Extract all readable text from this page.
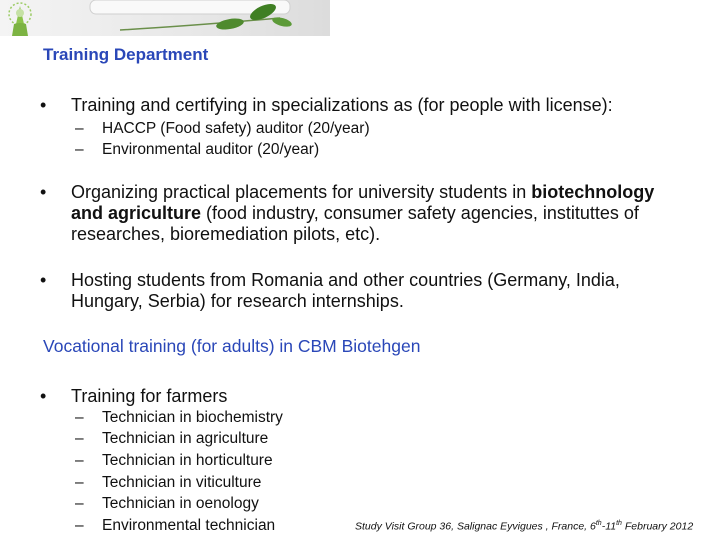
Training Department
• Training and certifying in specializations as (for people with license):
– HACCP (Food safety) auditor (20/year)
– Environmental auditor (20/year)
• Organizing practical placements for university students in biotechnology and agriculture (food industry, consumer safety agencies, instituttes of researches, bioremediation pilots, etc).
• Hosting students from Romania and other countries (Germany, India, Hungary, Serbia) for research internships.
Vocational training (for adults) in CBM Biotehgen
• Training for farmers
– Technician in biochemistry
– Technician in agriculture
– Technician in horticulture
– Technician in viticulture
– Technician in oenology
– Environmental technician	Study Visit Group 36, Salignac Eyvigues , France, 6th-11th February 2012
